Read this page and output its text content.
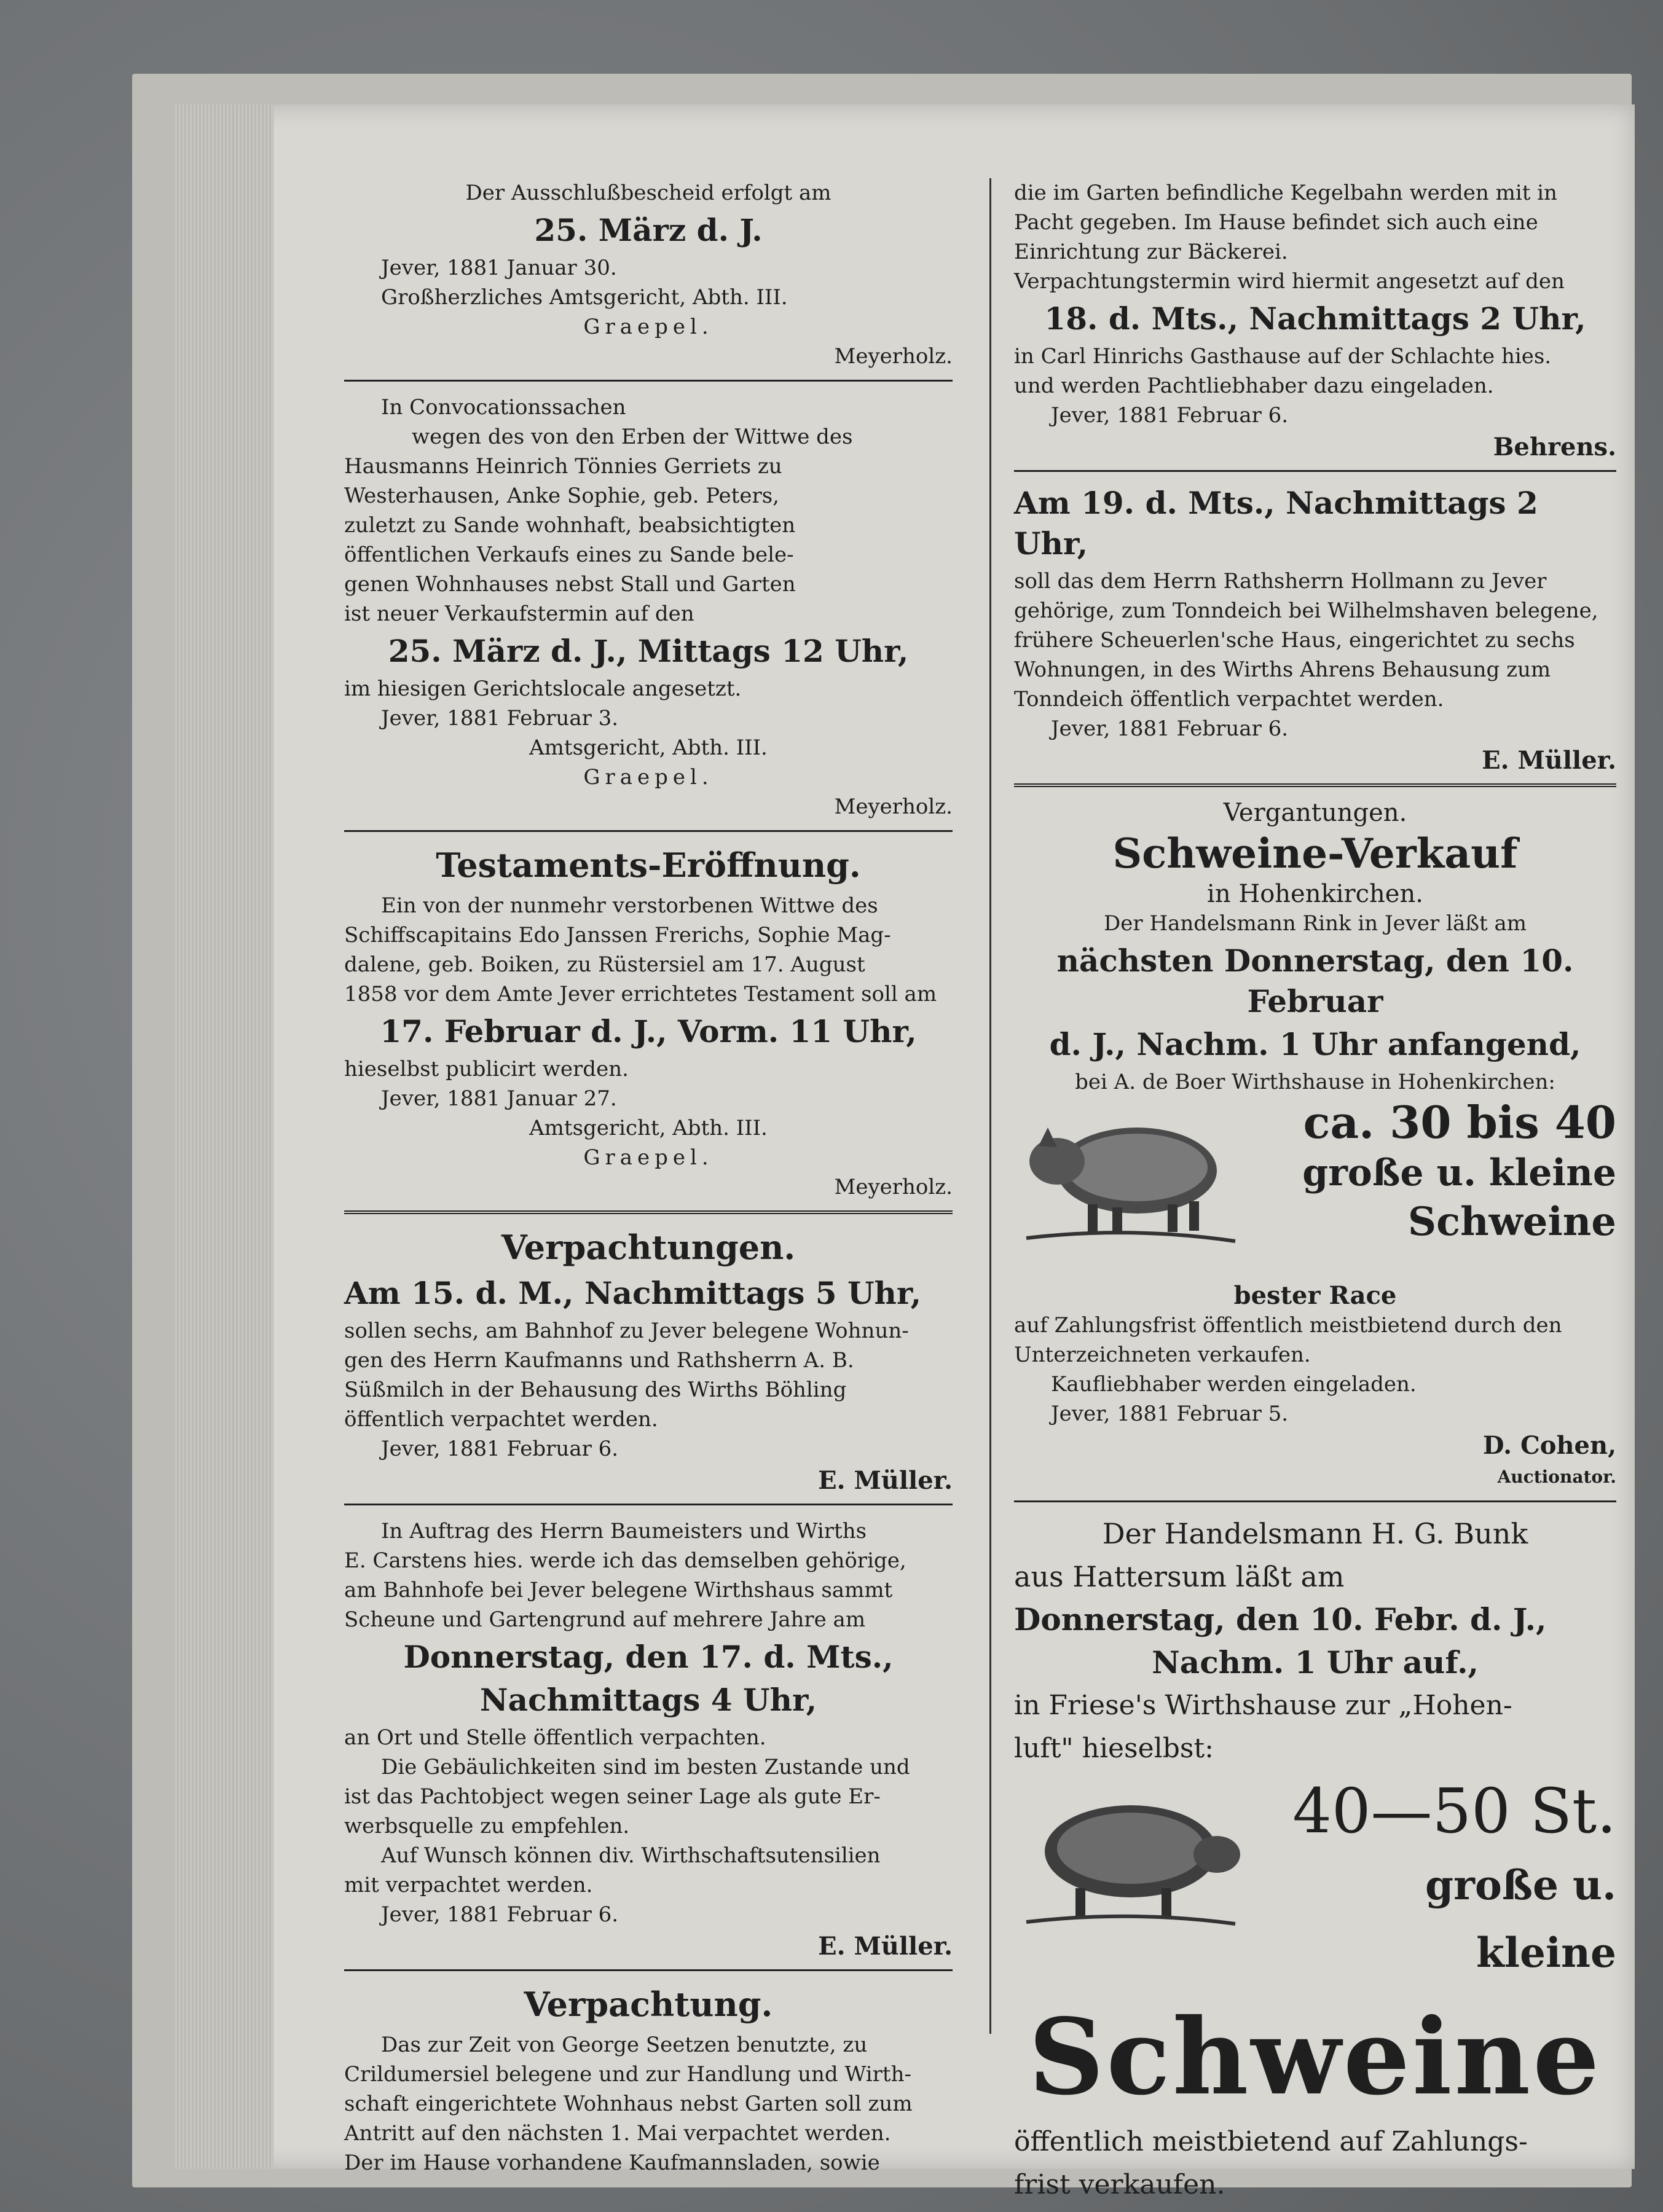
Der Ausschlußbescheid erfolgt am

25. März d. J.

Jever, 1881 Januar 30.

Großherzliches Amtsgericht, Abth. III.

Graepel.

Meyerholz.

In Convocationssachen

wegen des von den Erben der Wittwe des

Hausmanns Heinrich Tönnies Gerriets zu

Westerhausen, Anke Sophie, geb. Peters,

zuletzt zu Sande wohnhaft, beabsichtigten

öffentlichen Verkaufs eines zu Sande bele-

genen Wohnhauses nebst Stall und Garten

ist neuer Verkaufstermin auf den

25. März d. J., Mittags 12 Uhr,

im hiesigen Gerichtslocale angesetzt.

Jever, 1881 Februar 3.

Amtsgericht, Abth. III.

Graepel.

Meyerholz.

Testaments-Eröffnung.

Ein von der nunmehr verstorbenen Wittwe des

Schiffscapitains Edo Janssen Frerichs, Sophie Mag-

dalene, geb. Boiken, zu Rüstersiel am 17. August

1858 vor dem Amte Jever errichtetes Testament soll am

17. Februar d. J., Vorm. 11 Uhr,

hieselbst publicirt werden.

Jever, 1881 Januar 27.

Amtsgericht, Abth. III.

Graepel.

Meyerholz.

Verpachtungen.

Am 15. d. M., Nachmittags 5 Uhr,

sollen sechs, am Bahnhof zu Jever belegene Wohnun-

gen des Herrn Kaufmanns und Rathsherrn A. B.

Süßmilch in der Behausung des Wirths Böhling

öffentlich verpachtet werden.

Jever, 1881 Februar 6.

E. Müller.

In Auftrag des Herrn Baumeisters und Wirths

E. Carstens hies. werde ich das demselben gehörige,

am Bahnhofe bei Jever belegene Wirthshaus sammt

Scheune und Gartengrund auf mehrere Jahre am

Donnerstag, den 17. d. Mts.,

Nachmittags 4 Uhr,

an Ort und Stelle öffentlich verpachten.

Die Gebäulichkeiten sind im besten Zustande und

ist das Pachtobject wegen seiner Lage als gute Er-

werbsquelle zu empfehlen.

Auf Wunsch können div. Wirthschaftsutensilien

mit verpachtet werden.

Jever, 1881 Februar 6.

E. Müller.

Verpachtung.

Das zur Zeit von George Seetzen benutzte, zu

Crildumersiel belegene und zur Handlung und Wirth-

schaft eingerichtete Wohnhaus nebst Garten soll zum

Antritt auf den nächsten 1. Mai verpachtet werden.

Der im Hause vorhandene Kaufmannsladen, sowie

die im Garten befindliche Kegelbahn werden mit in

Pacht gegeben. Im Hause befindet sich auch eine

Einrichtung zur Bäckerei.

Verpachtungstermin wird hiermit angesetzt auf den

18. d. Mts., Nachmittags 2 Uhr,

in Carl Hinrichs Gasthause auf der Schlachte hies.

und werden Pachtliebhaber dazu eingeladen.

Jever, 1881 Februar 6.

Behrens.

Am 19. d. Mts., Nachmittags 2 Uhr,

soll das dem Herrn Rathsherrn Hollmann zu Jever

gehörige, zum Tonndeich bei Wilhelmshaven belegene,

frühere Scheuerlen'sche Haus, eingerichtet zu sechs

Wohnungen, in des Wirths Ahrens Behausung zum

Tonndeich öffentlich verpachtet werden.

Jever, 1881 Februar 6.

E. Müller.

Vergantungen.

Schweine-Verkauf

in Hohenkirchen.

Der Handelsmann Rink in Jever läßt am

nächsten Donnerstag, den 10. Februar

d. J., Nachm. 1 Uhr anfangend,

bei A. de Boer Wirthshause in Hohenkirchen:

ca. 30 bis 40

große u. kleine

Schweine

bester Race

auf Zahlungsfrist öffentlich meistbietend durch den

Unterzeichneten verkaufen.

Kaufliebhaber werden eingeladen.

Jever, 1881 Februar 5.

D. Cohen,

Auctionator.

Der Handelsmann H. G. Bunk

aus Hattersum läßt am

Donnerstag, den 10. Febr. d. J.,

Nachm. 1 Uhr auf.,

in Friese's Wirthshause zur „Hohen-

luft" hieselbst:

40—50 St.

große u. kleine

Schweine

öffentlich meistbietend auf Zahlungs-

frist verkaufen.
